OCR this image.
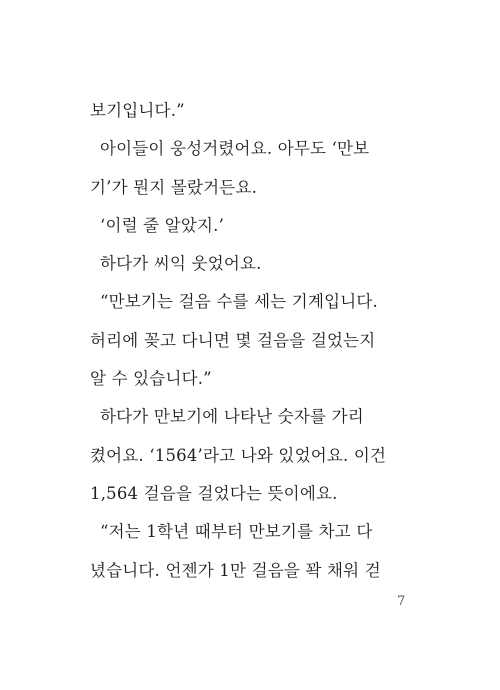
보기입니다.”
아이들이 웅성거렸어요. 아무도 ‘만보
기’가 뭔지 몰랐거든요.
‘이럴 줄 알았지.’
하다가 씨익 웃었어요.
“만보기는 걸음 수를 세는 기계입니다.
허리에 꽂고 다니면 몇 걸음을 걸었는지
알 수 있습니다.”
하다가 만보기에 나타난 숫자를 가리
켰어요. ‘1564’라고 나와 있었어요. 이건
1,564 걸음을 걸었다는 뜻이에요.
“저는 1학년 때부터 만보기를 차고 다
녔습니다. 언젠가 1만 걸음을 꽉 채워 걷
7
